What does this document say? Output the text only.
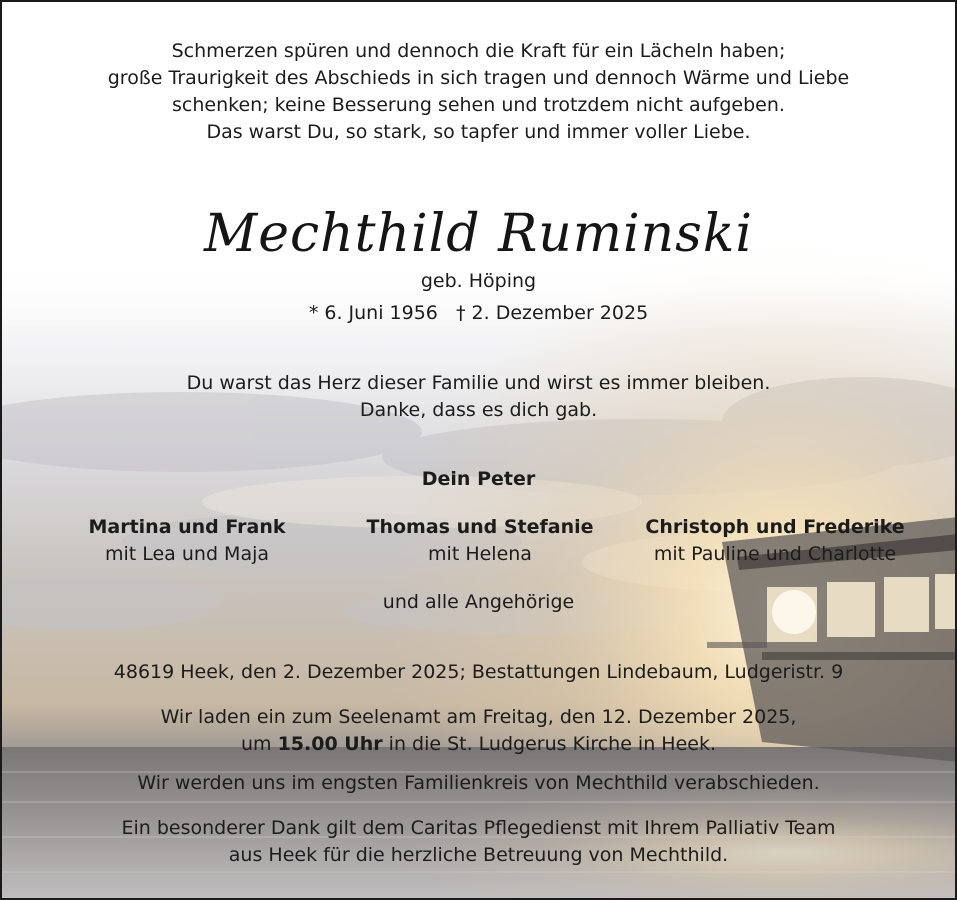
Schmerzen spüren und dennoch die Kraft für ein Lächeln haben;
große Traurigkeit des Abschieds in sich tragen und dennoch Wärme und Liebe
schenken; keine Besserung sehen und trotzdem nicht aufgeben.
Das warst Du, so stark, so tapfer und immer voller Liebe.
Mechthild Ruminski
geb. Höping
* 6. Juni 1956   † 2. Dezember 2025
Du warst das Herz dieser Familie und wirst es immer bleiben.
Danke, dass es dich gab.
Dein Peter
Martina und Frank
mit Lea und Maja
Thomas und Stefanie
mit Helena
Christoph und Frederike
mit Pauline und Charlotte
und alle Angehörige
48619 Heek, den 2. Dezember 2025; Bestattungen Lindebaum, Ludgeristr. 9
Wir laden ein zum Seelenamt am Freitag, den 12. Dezember 2025,
um 15.00 Uhr in die St. Ludgerus Kirche in Heek.
Wir werden uns im engsten Familienkreis von Mechthild verabschieden.
Ein besonderer Dank gilt dem Caritas Pflegedienst mit Ihrem Palliativ Team
aus Heek für die herzliche Betreuung von Mechthild.
